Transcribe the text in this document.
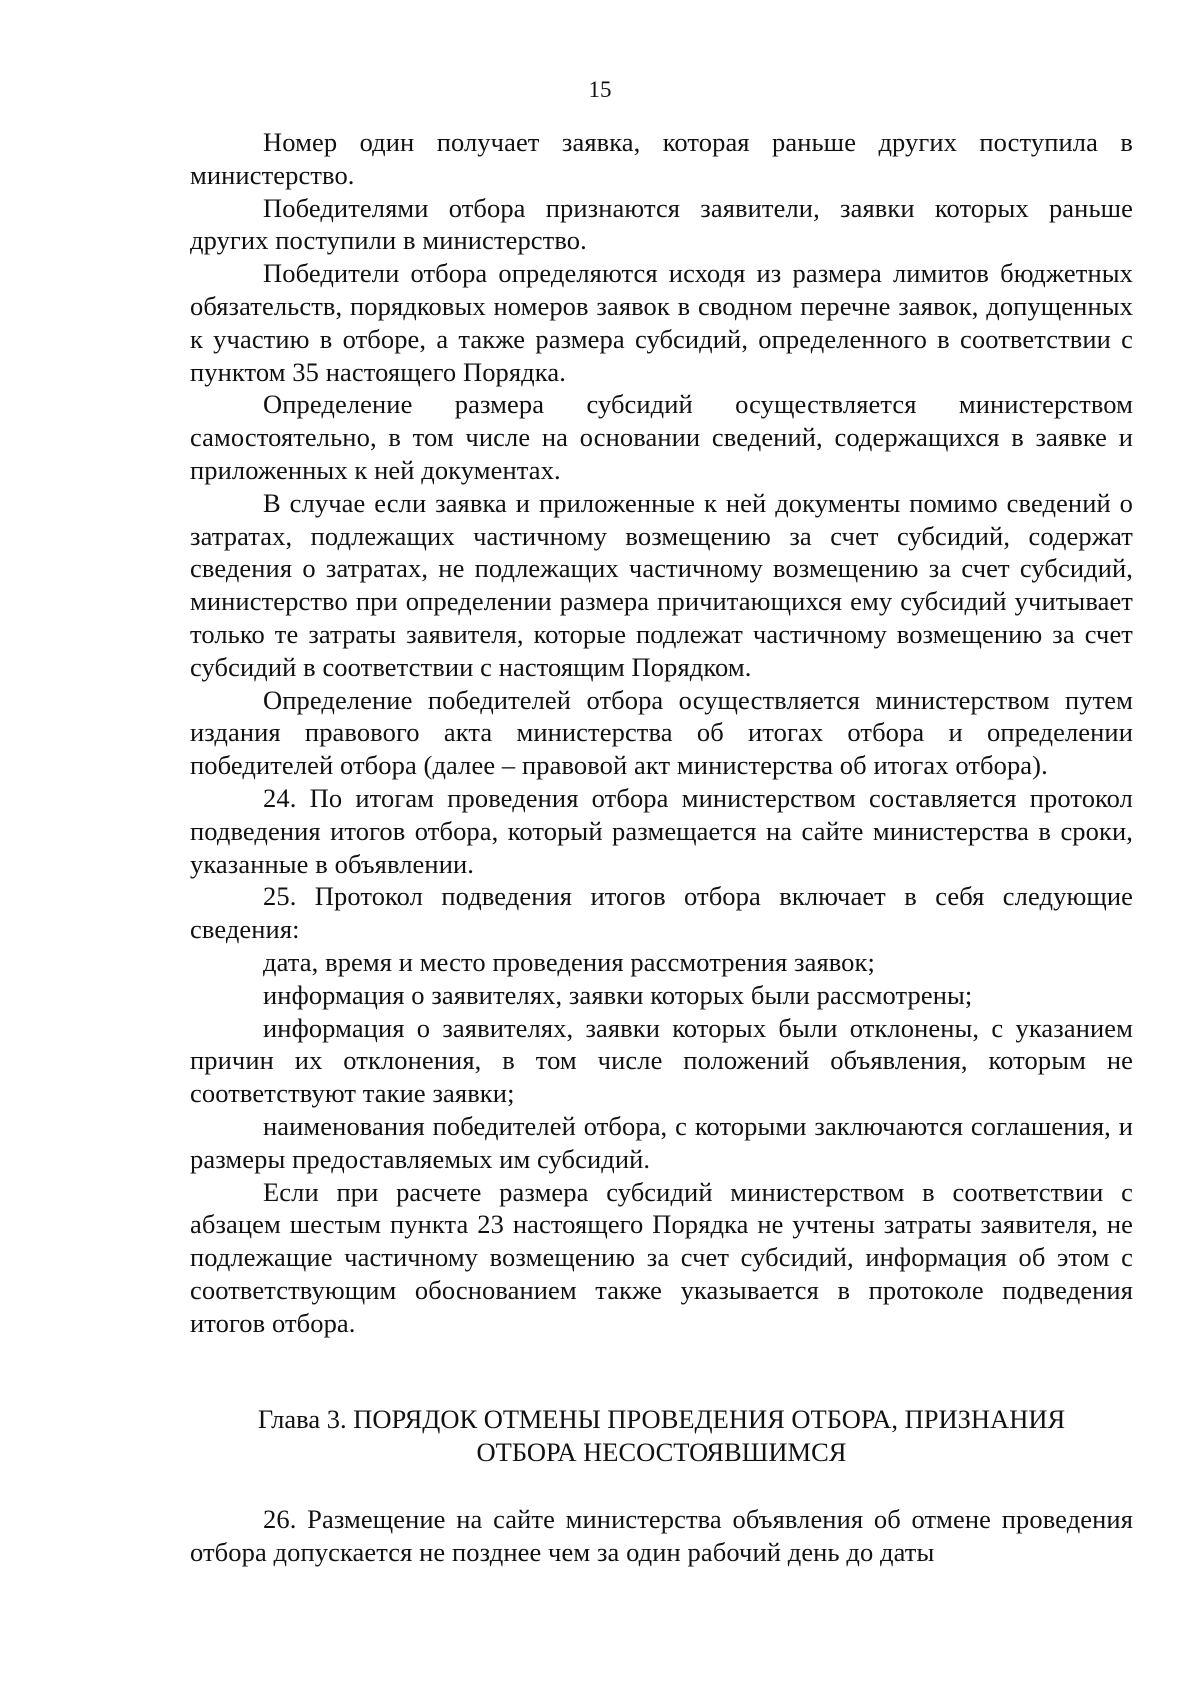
15

Номер один получает заявка, которая раньше других поступила в министерство.

Победителями отбора признаются заявители, заявки которых раньше других поступили в министерство.

Победители отбора определяются исходя из размера лимитов бюджетных обязательств, порядковых номеров заявок в сводном перечне заявок, допущенных к участию в отборе, а также размера субсидий, определенного в соответствии с пунктом 35 настоящего Порядка.

Определение размера субсидий осуществляется министерством самостоятельно, в том числе на основании сведений, содержащихся в заявке и приложенных к ней документах.

В случае если заявка и приложенные к ней документы помимо сведений о затратах, подлежащих частичному возмещению за счет субсидий, содержат сведения о затратах, не подлежащих частичному возмещению за счет субсидий, министерство при определении размера причитающихся ему субсидий учитывает только те затраты заявителя, которые подлежат частичному возмещению за счет субсидий в соответствии с настоящим Порядком.

Определение победителей отбора осуществляется министерством путем издания правового акта министерства об итогах отбора и определении победителей отбора (далее – правовой акт министерства об итогах отбора).

24. По итогам проведения отбора министерством составляется протокол подведения итогов отбора, который размещается на сайте министерства в сроки, указанные в объявлении.

25. Протокол подведения итогов отбора включает в себя следующие сведения:

дата, время и место проведения рассмотрения заявок;

информация о заявителях, заявки которых были рассмотрены;

информация о заявителях, заявки которых были отклонены, с указанием причин их отклонения, в том числе положений объявления, которым не соответствуют такие заявки;

наименования победителей отбора, с которыми заключаются соглашения, и размеры предоставляемых им субсидий.

Если при расчете размера субсидий министерством в соответствии с абзацем шестым пункта 23 настоящего Порядка не учтены затраты заявителя, не подлежащие частичному возмещению за счет субсидий, информация об этом с соответствующим обоснованием также указывается в протоколе подведения итогов отбора.

Глава 3. ПОРЯДОК ОТМЕНЫ ПРОВЕДЕНИЯ ОТБОРА, ПРИЗНАНИЯ
ОТБОРА НЕСОСТОЯВШИМСЯ

26. Размещение на сайте министерства объявления об отмене проведения отбора допускается не позднее чем за один рабочий день до даты
